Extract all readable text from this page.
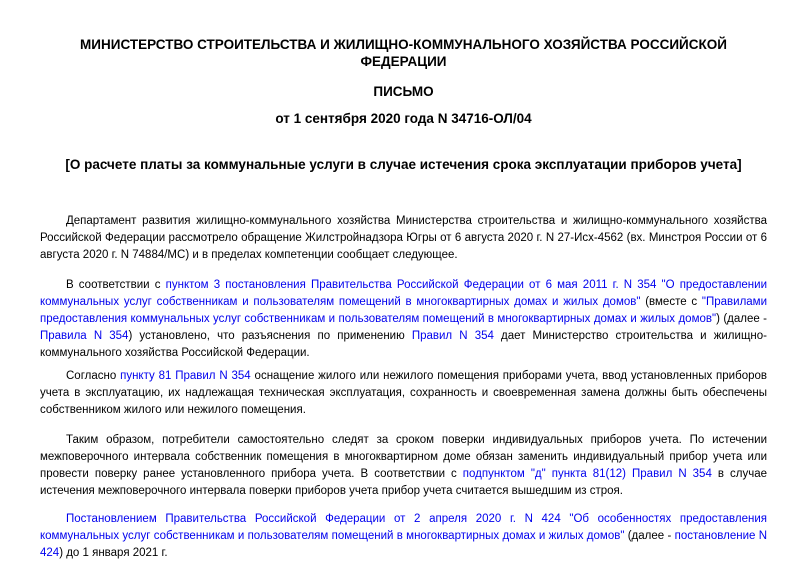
МИНИСТЕРСТВО СТРОИТЕЛЬСТВА И ЖИЛИЩНО-КОММУНАЛЬНОГО ХОЗЯЙСТВА РОССИЙСКОЙ ФЕДЕРАЦИИ
ПИСЬМО
от 1 сентября 2020 года N 34716-ОЛ/04
[О расчете платы за коммунальные услуги в случае истечения срока эксплуатации приборов учета]

Департамент развития жилищно-коммунального хозяйства Министерства строительства и жилищно-коммунального хозяйства Российской Федерации рассмотрело обращение Жилстройнадзора Югры от 6 августа 2020 г. N 27-Исх-4562 (вх. Минстроя России от 6 августа 2020 г. N 74884/МС) и в пределах компетенции сообщает следующее.

В соответствии с пунктом 3 постановления Правительства Российской Федерации от 6 мая 2011 г. N 354 "О предоставлении коммунальных услуг собственникам и пользователям помещений в многоквартирных домах и жилых домов" (вместе с "Правилами предоставления коммунальных услуг собственникам и пользователям помещений в многоквартирных домах и жилых домов") (далее - Правила N 354) установлено, что разъяснения по применению Правил N 354 дает Министерство строительства и жилищно-коммунального хозяйства Российской Федерации.

Согласно пункту 81 Правил N 354 оснащение жилого или нежилого помещения приборами учета, ввод установленных приборов учета в эксплуатацию, их надлежащая техническая эксплуатация, сохранность и своевременная замена должны быть обеспечены собственником жилого или нежилого помещения.

Таким образом, потребители самостоятельно следят за сроком поверки индивидуальных приборов учета. По истечении межповерочного интервала собственник помещения в многоквартирном доме обязан заменить индивидуальный прибор учета или провести поверку ранее установленного прибора учета. В соответствии с подпунктом "д" пункта 81(12) Правил N 354 в случае истечения межповерочного интервала поверки приборов учета прибор учета считается вышедшим из строя.

Постановлением Правительства Российской Федерации от 2 апреля 2020 г. N 424 "Об особенностях предоставления коммунальных услуг собственникам и пользователям помещений в многоквартирных домах и жилых домов" (далее - постановление N 424) до 1 января 2021 г.
